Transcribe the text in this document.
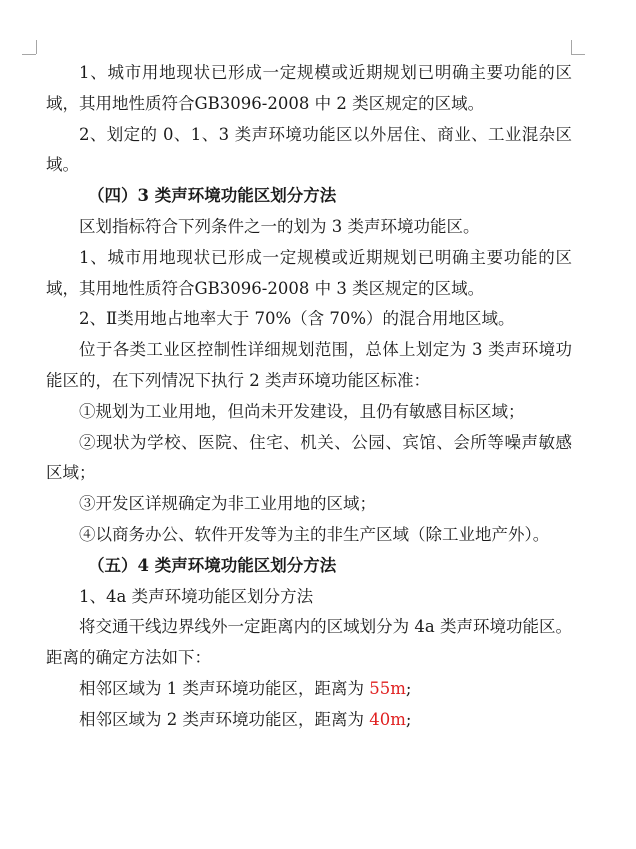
1、城市用地现状已形成一定规模或近期规划已明确主要功能的区域，其用地性质符合GB3096-2008 中 2 类区规定的区域。

2、划定的 0、1、3 类声环境功能区以外居住、商业、工业混杂区域。

（四）3 类声环境功能区划分方法

区划指标符合下列条件之一的划为 3 类声环境功能区。

1、城市用地现状已形成一定规模或近期规划已明确主要功能的区域，其用地性质符合GB3096-2008 中 3 类区规定的区域。

2、Ⅱ类用地占地率大于 70%（含 70%）的混合用地区域。

位于各类工业区控制性详细规划范围，总体上划定为 3 类声环境功能区的，在下列情况下执行 2 类声环境功能区标准：

①规划为工业用地，但尚未开发建设，且仍有敏感目标区域；

②现状为学校、医院、住宅、机关、公园、宾馆、会所等噪声敏感区域；

③开发区详规确定为非工业用地的区域；

④以商务办公、软件开发等为主的非生产区域（除工业地产外）。

（五）4 类声环境功能区划分方法

1、4a 类声环境功能区划分方法

将交通干线边界线外一定距离内的区域划分为 4a 类声环境功能区。距离的确定方法如下：

相邻区域为 1 类声环境功能区，距离为 55m;

相邻区域为 2 类声环境功能区，距离为 40m;
